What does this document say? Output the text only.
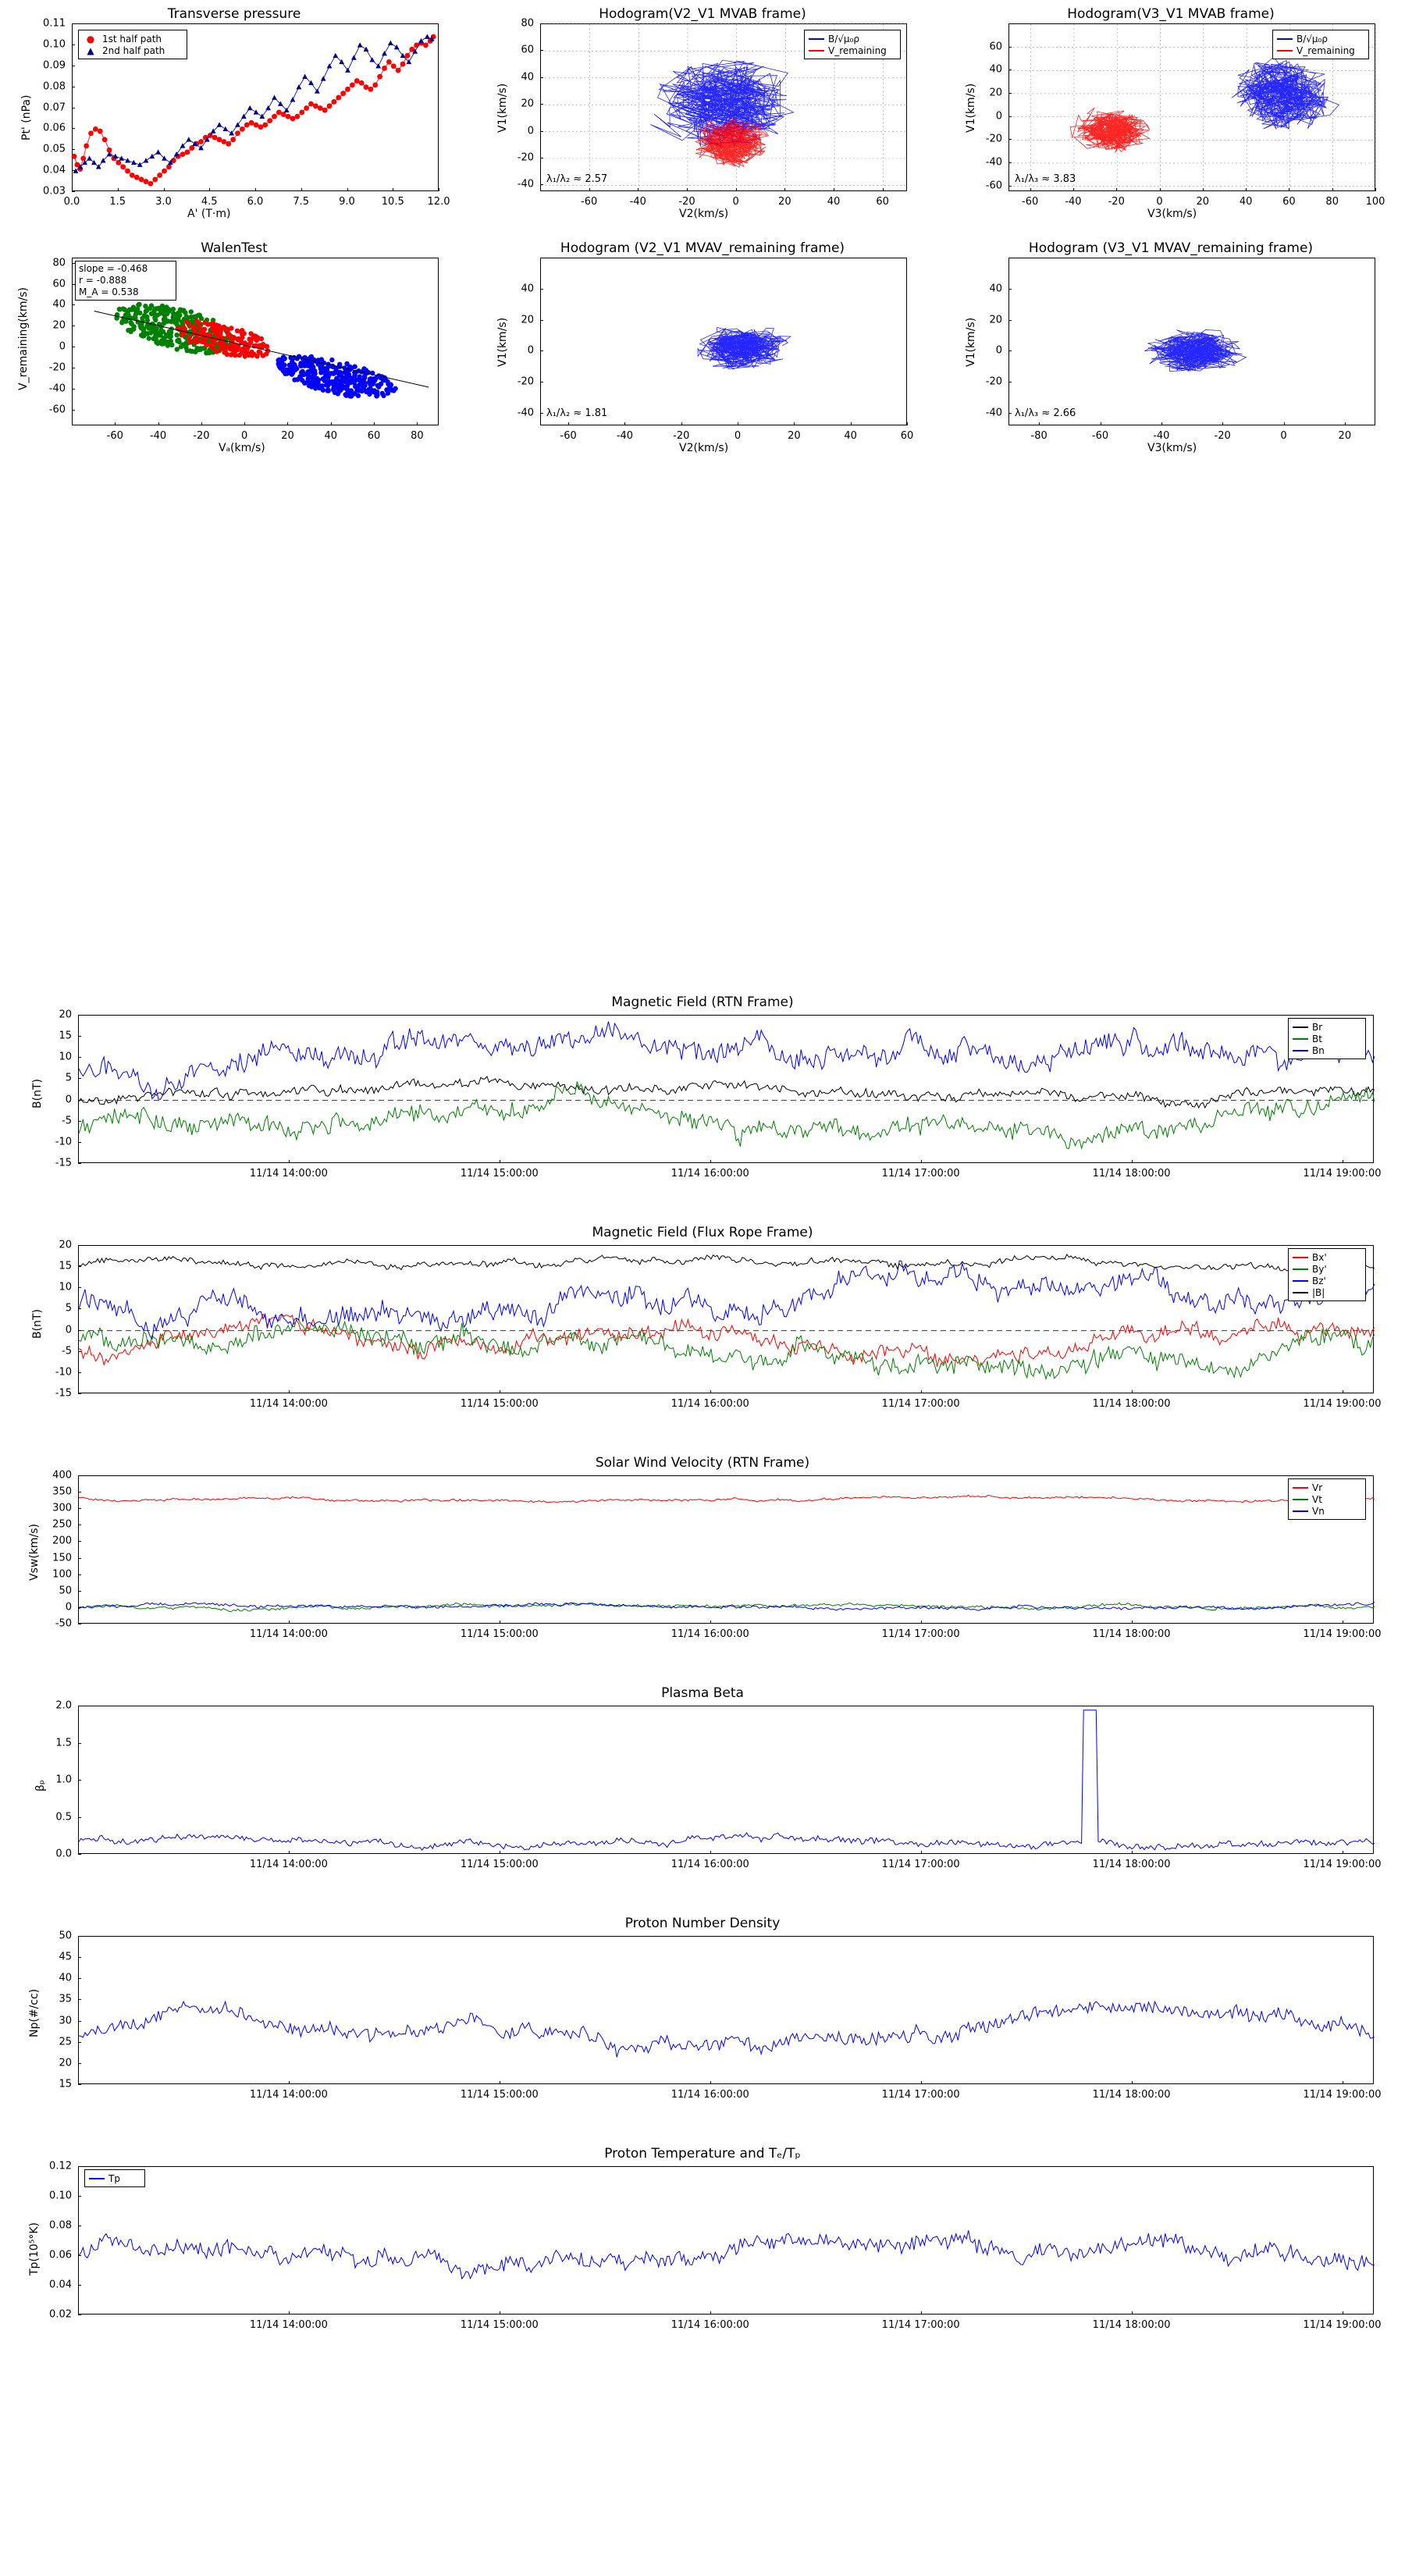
Transverse pressure
● 1st half path
▲ 2nd half path
Pt' (nPa)
A' (T·m)
0.0	1.5	3.0	4.5	6.0	7.5	9.0	10.5 12.0
0.03
0.04
0.05
0.06
0.07
0.08
0.09
0.10
0.11
Hodogram(V2_V1 MVAB frame)
B/√μ₀ρ
V_remaining
λ₁/λ₂ ≈ 2.57
V1(km/s)
V2(km/s)
-60	-40	-20	0	20	40	60
-40
-20
0
20
40
60
80
Hodogram(V3_V1 MVAB frame)
B/√μ₀ρ
V_remaining
λ₁/λ₃ ≈ 3.83
V1(km/s)
V3(km/s)
-60	-40	-20	0	20	40	60	80	100
-60
-40
-20
0
20
40
60
WalenTest
slope = -0.468
r = -0.888
M_A = 0.538
V_remaining(km/s)
Vₐ(km/s)
-60	-40	-20	0	20	40	60	80
-60
-40
-20
0
20
40
60
80
Hodogram (V2_V1 MVAV_remaining frame)
λ₁/λ₂ ≈ 1.81
V1(km/s)
V2(km/s)
-60	-40	-20	0	20	40	60
-40
-20
0
20
40
Hodogram (V3_V1 MVAV_remaining frame)
λ₁/λ₃ ≈ 2.66
V1(km/s)
V3(km/s)
-80	-60	-40	-20	0	20
-40
-20
0
20
40
Magnetic Field (RTN Frame)
Br
Bt
Bn
B(nT)
11/14 14:00:00	11/14 15:00:00	11/14 16:00:00	11/14 17:00:00	11/14 18:00:00	11/14 19:00:00
-15
-10
-5
0
5
10
15
20
Magnetic Field (Flux Rope Frame)
Bx'
By'
Bz'
|B|
B(nT)
11/14 14:00:00	11/14 15:00:00	11/14 16:00:00	11/14 17:00:00	11/14 18:00:00	11/14 19:00:00
-15
-10
-5
0
5
10
15
20
Solar Wind Velocity (RTN Frame)
Vr
Vt
Vn
Vsw(km/s)
11/14 14:00:00	11/14 15:00:00	11/14 16:00:00	11/14 17:00:00	11/14 18:00:00	11/14 19:00:00
-50
0
50
100
150
200
250
300
350
400
Plasma Beta
βₚ
11/14 14:00:00	11/14 15:00:00	11/14 16:00:00	11/14 17:00:00	11/14 18:00:00	11/14 19:00:00
0.0
0.5
1.0
1.5
2.0
Proton Number Density
Np(#/cc)
11/14 14:00:00	11/14 15:00:00	11/14 16:00:00	11/14 17:00:00	11/14 18:00:00	11/14 19:00:00
15
20
25
30
35
40
45
50
Proton Temperature and Tₑ/Tₚ
Tp
Tp(10⁵°K)
11/14 14:00:00	11/14 15:00:00	11/14 16:00:00	11/14 17:00:00	11/14 18:00:00	11/14 19:00:00
0.02
0.04
0.06
0.08
0.10
0.12
